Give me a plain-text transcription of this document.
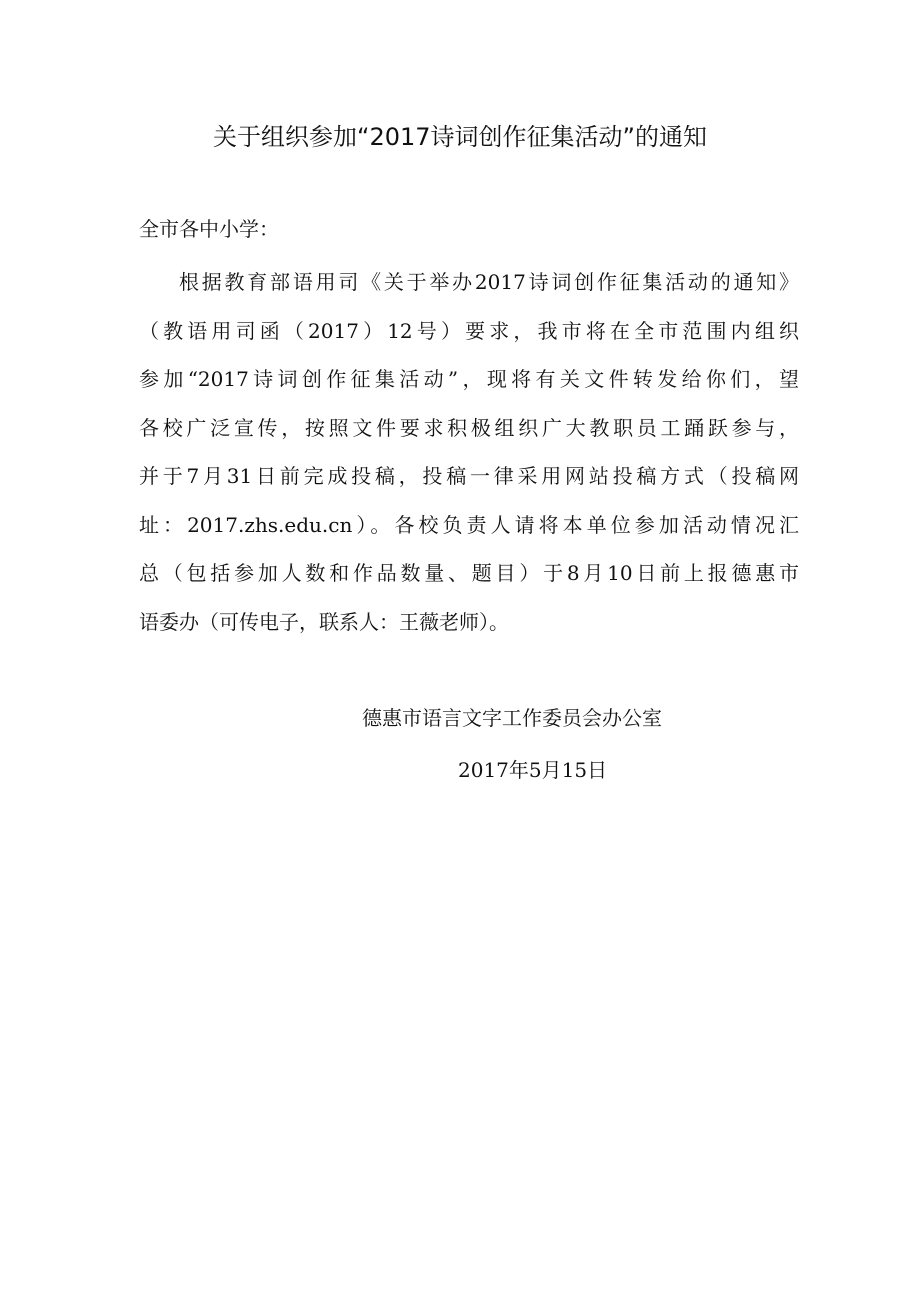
关于组织参加“2017诗词创作征集活动”的通知
全市各中小学：
根据教育部语用司《关于举办2017诗词创作征集活动的通知》
（教语用司函（2017）12号）要求，我市将在全市范围内组织
参加“2017诗词创作征集活动”，现将有关文件转发给你们，望
各校广泛宣传，按照文件要求积极组织广大教职员工踊跃参与，
并于7月31日前完成投稿，投稿一律采用网站投稿方式（投稿网
址：2017.zhs.edu.cn）。各校负责人请将本单位参加活动情况汇
总（包括参加人数和作品数量、题目）于8月10日前上报德惠市
语委办（可传电子，联系人：王薇老师）。
德惠市语言文字工作委员会办公室
2017年5月15日
